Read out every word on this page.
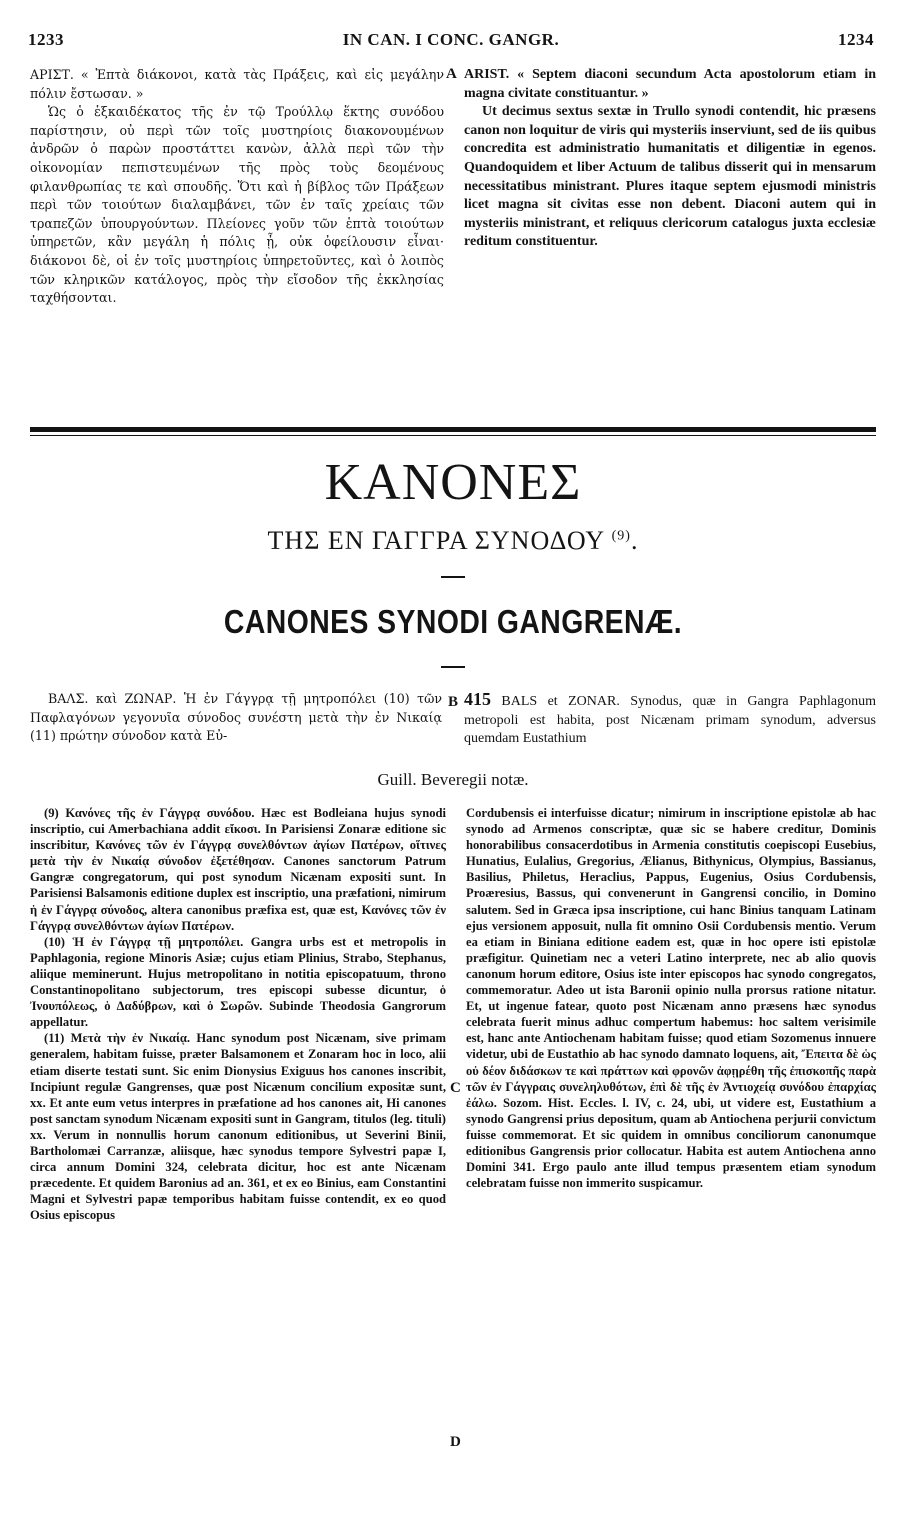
1233	IN CAN. I CONC. GANGR.	1234

ΑΡΙΣΤ. « Ἑπτὰ διάκονοι, κατὰ τὰς Πράξεις, καὶ εἰς μεγάλην πόλιν ἔστωσαν. »

Ὡς ὁ ἑξκαιδέκατος τῆς ἐν τῷ Τρούλλῳ ἕκτης συνόδου παρίστησιν, οὐ περὶ τῶν τοῖς μυστηρίοις διακονουμένων ἀνδρῶν ὁ παρὼν προστάττει κανὼν, ἀλλὰ περὶ τῶν τὴν οἰκονομίαν πεπιστευμένων τῆς πρὸς τοὺς δεομένους φιλανθρωπίας τε καὶ σπουδῆς. Ὅτι καὶ ἡ βίβλος τῶν Πράξεων περὶ τῶν τοιούτων διαλαμβάνει, τῶν ἐν ταῖς χρείαις τῶν τραπεζῶν ὑπουργούντων. Πλείονες γοῦν τῶν ἑπτὰ τοιούτων ὑπηρετῶν, κἂν μεγάλη ἡ πόλις ᾖ, οὐκ ὀφείλουσιν εἶναι· διάκονοι δὲ, οἱ ἐν τοῖς μυστηρίοις ὑπηρετοῦντες, καὶ ὁ λοιπὸς τῶν κληρικῶν κατάλογος, πρὸς τὴν εἴσοδον τῆς ἐκκλησίας ταχθήσονται.

A ARIST. « Septem diaconi secundum Acta apostolorum etiam in magna civitate constituantur. »

Ut decimus sextus sextæ in Trullo synodi contendit, hic præsens canon non loquitur de viris qui mysteriis inserviunt, sed de iis quibus concredita est administratio humanitatis et diligentiæ in egenos. Quandoquidem et liber Actuum de talibus disserit qui in mensarum necessitatibus ministrant. Plures itaque septem ejusmodi ministris licet magna sit civitas esse non debent. Diaconi autem qui in mysteriis ministrant, et reliquus clericorum catalogus juxta ecclesiæ reditum constituentur.

ΚΑΝΟΝΕΣ
ΤΗΣ ΕΝ ΓΑΓΓΡΑ ΣΥΝΟΔΟΥ $^{(9)}$.
CANONES SYNODI GANGRENÆ.

ΒΑΛΣ. καὶ ΖΩΝΑΡ. Ἡ ἐν Γάγγρᾳ τῇ μητροπόλει (10) τῶν Παφλαγόνων γεγονυῖα σύνοδος συνέστη μετὰ τὴν ἐν Νικαίᾳ (11) πρώτην σύνοδον κατὰ Εὐ-

B 415 BALS et ZONAR. Synodus, quæ in Gangra Paphlagonum metropoli est habita, post Nicænam primam synodum, adversus quemdam Eustathium

Guill. Beveregii notæ.

(9) Κανόνες τῆς ἐν Γάγγρᾳ συνόδου. Hæc est Bodleiana hujus synodi inscriptio, cui Amerbachiana addit εἴκοσι. In Parisiensi Zonaræ editione sic inscribitur, Κανόνες τῶν ἐν Γάγγρᾳ συνελθόντων ἁγίων Πατέρων, οἵτινες μετὰ τὴν ἐν Νικαίᾳ σύνοδον ἐξετέθησαν. Canones sanctorum Patrum Gangræ congregatorum, qui post synodum Nicænam expositi sunt. In Parisiensi Balsamonis editione duplex est inscriptio, una præfationi, nimirum ἡ ἐν Γάγγρᾳ σύνοδος, altera canonibus præfixa est, quæ est, Κανόνες τῶν ἐν Γάγγρᾳ συνελθόντων ἁγίων Πατέρων.

(10) Ἡ ἐν Γάγγρᾳ τῇ μητροπόλει. Gangra urbs est et metropolis in Paphlagonia, regione Minoris Asiæ; cujus etiam Plinius, Strabo, Stephanus, aliique meminerunt. Hujus metropolitano in notitia episcopatuum, throno Constantinopolitano subjectorum, tres episcopi subesse dicuntur, ὁ Ἰνουπόλεως, ὁ Δαδύβρων, καὶ ὁ Σωρῶν. Subinde Theodosia Gangrorum appellatur.

(11) Μετὰ τὴν ἐν Νικαίᾳ. Hanc synodum post Nicænam, sive primam generalem, habitam fuisse, præter Balsamonem et Zonaram hoc in loco, alii etiam diserte testati sunt. Sic enim Dionysius Exiguus hos canones inscribit, Incipiunt regulæ Gangrenses, quæ post Nicænum concilium expositæ sunt, xx. Et ante eum vetus interpres in præfatione ad hos canones ait, Hi canones post sanctam synodum Nicænam expositi sunt in Gangram, titulos (leg. tituli) xx. Verum in nonnullis horum canonum editionibus, ut Severini Binii, Bartholomæi Carranzæ, aliisque, hæc synodus tempore Sylvestri papæ I, circa annum Domini 324, celebrata dicitur, hoc est ante Nicænam præcedente. Et quidem Baronius ad an. 361, et ex eo Binius, eam Constantini Magni et Sylvestri papæ temporibus habitam fuisse contendit, ex eo quod Osius episcopus

C
D

Cordubensis ei interfuisse dicatur; nimirum in inscriptione epistolæ ab hac synodo ad Armenos conscriptæ, quæ sic se habere creditur, Dominis honorabilibus consacerdotibus in Armenia constitutis coepiscopi Eusebius, Hunatius, Eulalius, Gregorius, Ælianus, Bithynicus, Olympius, Bassianus, Basilius, Philetus, Heraclius, Pappus, Eugenius, Osius Cordubensis, Proæresius, Bassus, qui convenerunt in Gangrensi concilio, in Domino salutem. Sed in Græca ipsa inscriptione, cui hanc Binius tanquam Latinam ejus versionem apposuit, nulla fit omnino Osii Cordubensis mentio. Verum ea etiam in Biniana editione eadem est, quæ in hoc opere isti epistolæ præfigitur. Quinetiam nec a veteri Latino interprete, nec ab alio quovis canonum horum editore, Osius iste inter episcopos hac synodo congregatos, commemoratur. Adeo ut ista Baronii opinio nulla prorsus ratione nitatur. Et, ut ingenue fatear, quoto post Nicænam anno præsens hæc synodus celebrata fuerit minus adhuc compertum habemus: hoc saltem verisimile est, hanc ante Antiochenam habitam fuisse; quod etiam Sozomenus innuere videtur, ubi de Eustathio ab hac synodo damnato loquens, ait, Ἔπειτα δὲ ὡς οὐ δέον διδάσκων τε καὶ πράττων καὶ φρονῶν ἀφῃρέθη τῆς ἐπισκοπῆς παρὰ τῶν ἐν Γάγγραις συνεληλυθότων, ἐπὶ δὲ τῆς ἐν Ἀντιοχείᾳ συνόδου ἐπαρχίας ἐάλω. Sozom. Hist. Eccles. l. IV, c. 24, ubi, ut videre est, Eustathium a synodo Gangrensi prius depositum, quam ab Antiochena perjurii convictum fuisse commemorat. Et sic quidem in omnibus conciliorum canonumque editionibus Gangrensis prior collocatur. Habita est autem Antiochena anno Domini 341. Ergo paulo ante illud tempus præsentem etiam synodum celebratam fuisse non immerito suspicamur.
